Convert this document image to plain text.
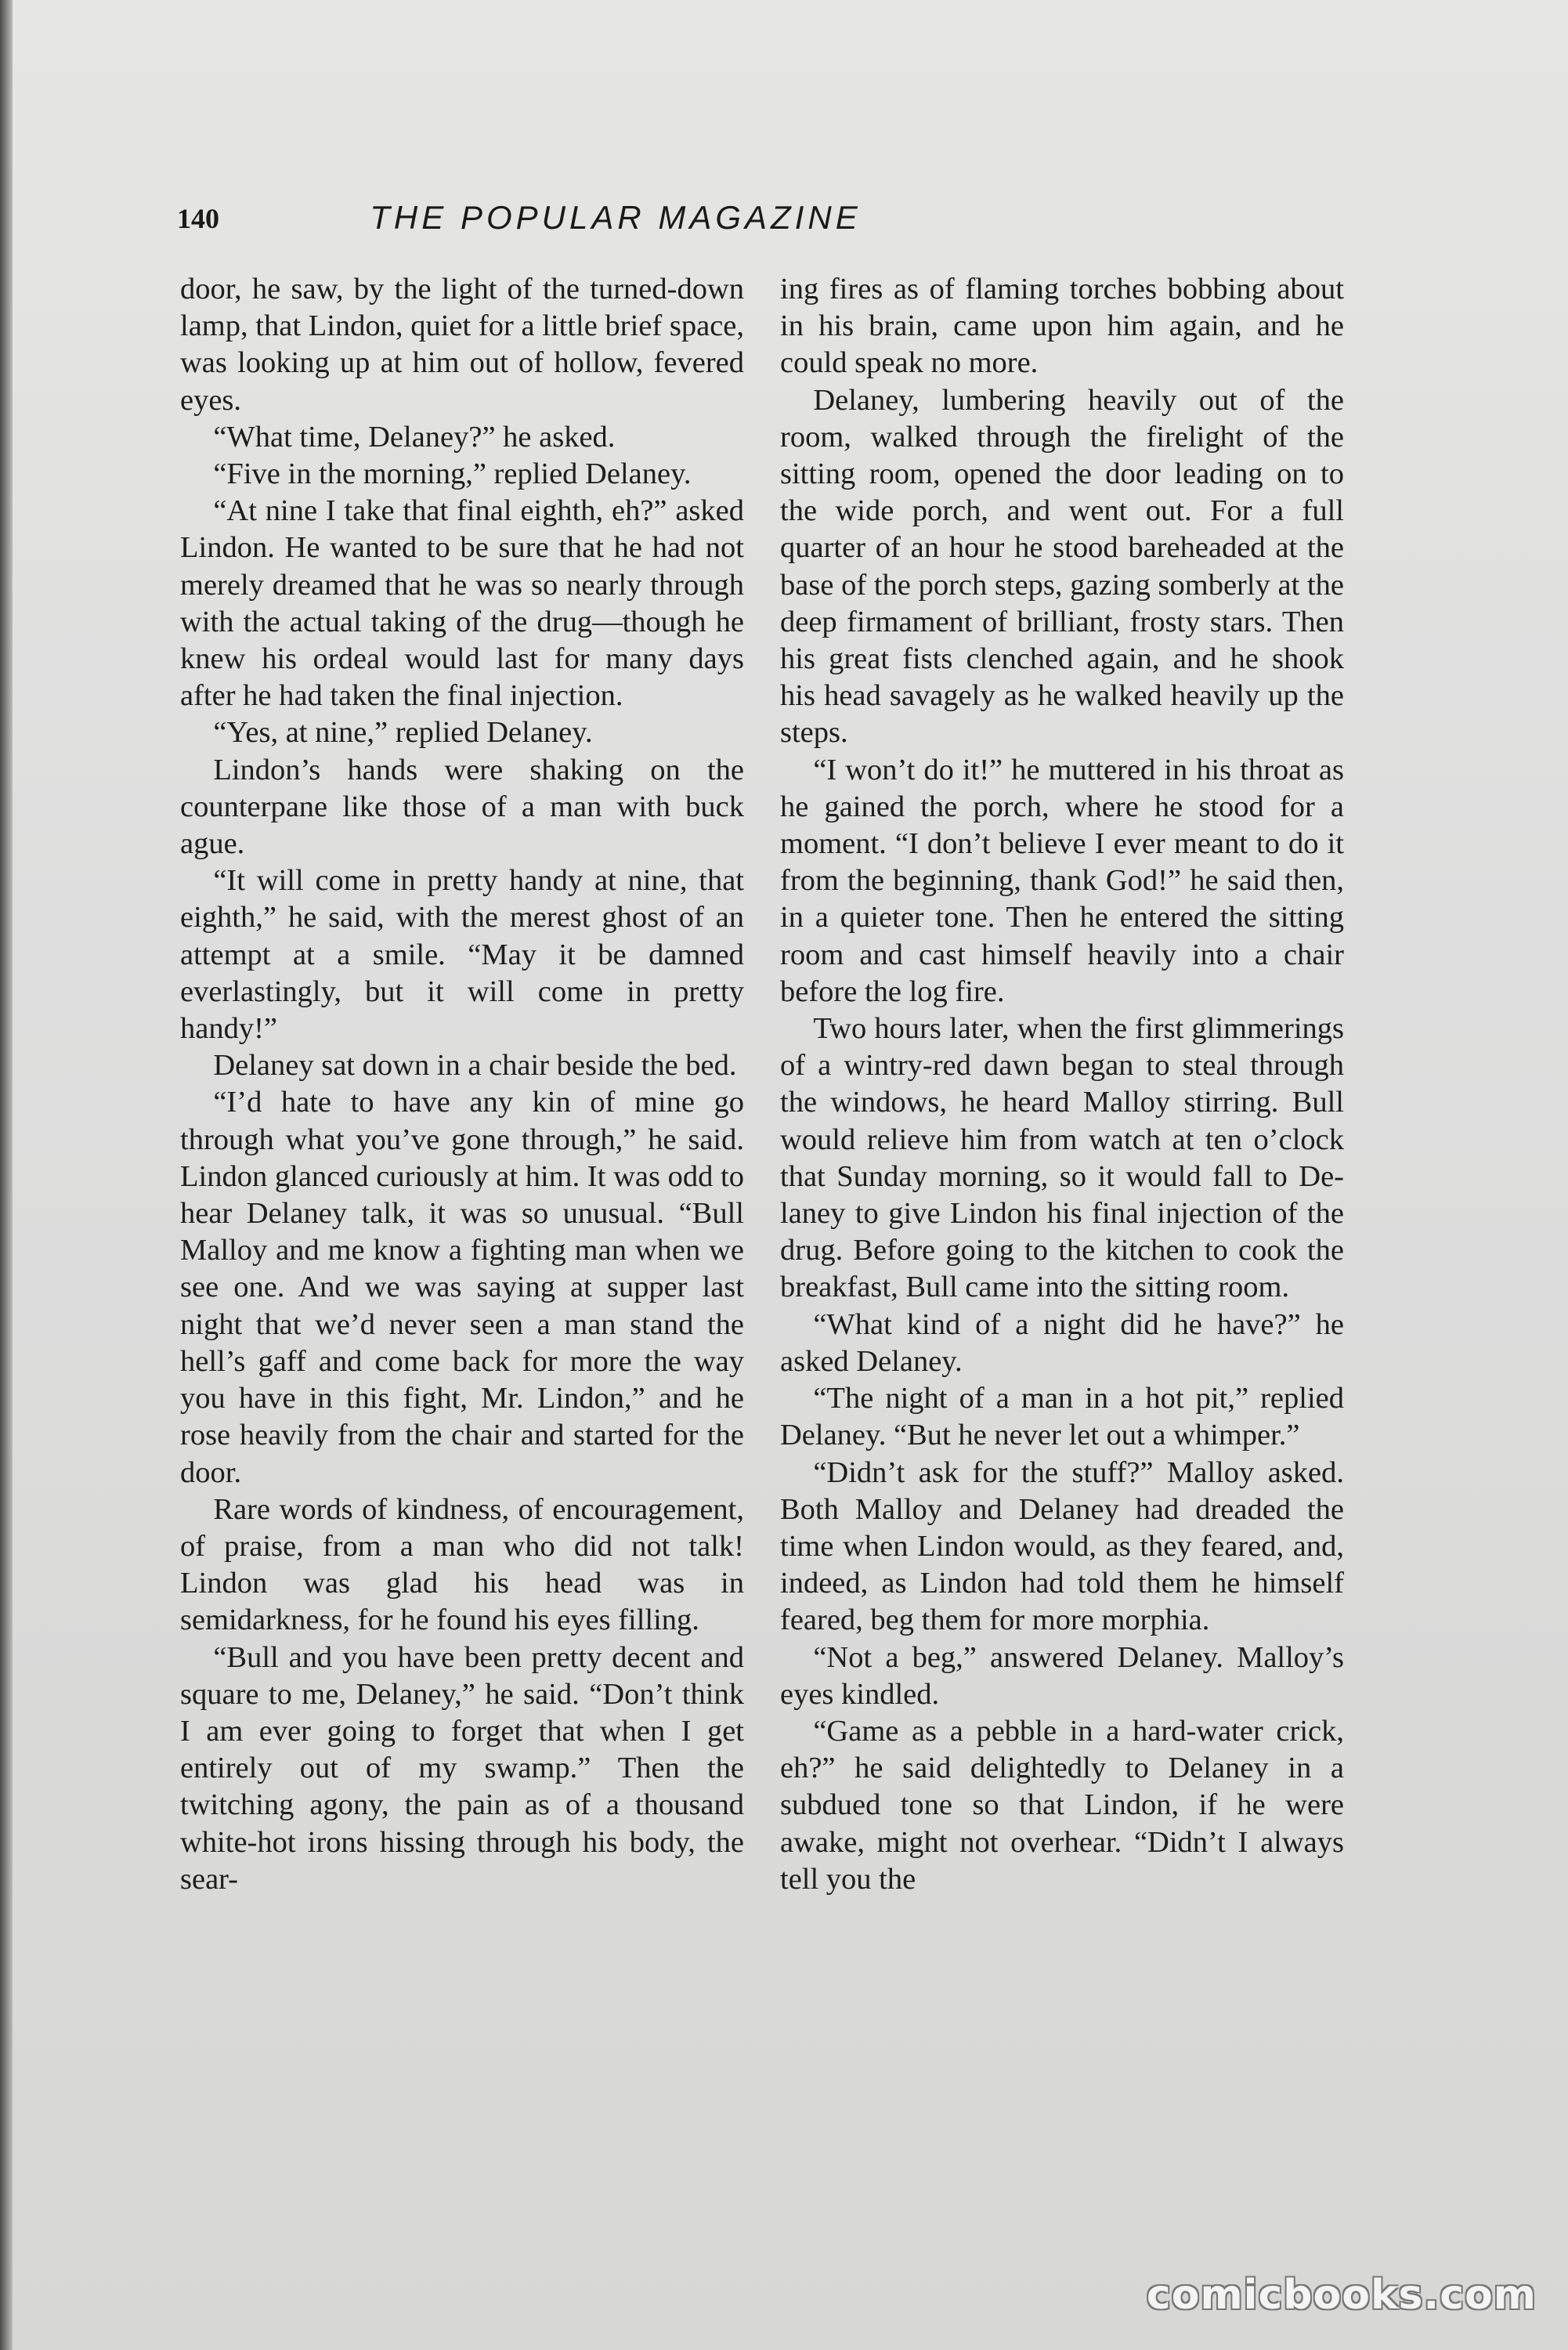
140	THE POPULAR MAGAZINE

door, he saw, by the light of the turned-down lamp, that Lindon, quiet for a little brief space, was looking up at him out of hollow, fevered eyes.

“What time, Delaney?” he asked.

“Five in the morning,” replied Delaney.

“At nine I take that final eighth, eh?” asked Lindon. He wanted to be sure that he had not merely dreamed that he was so nearly through with the actual taking of the drug—though he knew his ordeal would last for many days after he had taken the final injection.

“Yes, at nine,” replied Delaney.

Lindon’s hands were shaking on the counterpane like those of a man with buck ague.

“It will come in pretty handy at nine, that eighth,” he said, with the merest ghost of an attempt at a smile. “May it be damned everlastingly, but it will come in pretty handy!”

Delaney sat down in a chair beside the bed.

“I’d hate to have any kin of mine go through what you’ve gone through,” he said. Lindon glanced curiously at him. It was odd to hear Delaney talk, it was so unusual. “Bull Malloy and me know a fighting man when we see one. And we was saying at supper last night that we’d never seen a man stand the hell’s gaff and come back for more the way you have in this fight, Mr. Lindon,” and he rose heavily from the chair and started for the door.

Rare words of kindness, of encouragement, of praise, from a man who did not talk! Lindon was glad his head was in semidarkness, for he found his eyes filling.

“Bull and you have been pretty decent and square to me, Delaney,” he said. “Don’t think I am ever going to forget that when I get entirely out of my swamp.” Then the twitching agony, the pain as of a thousand white-hot irons hissing through his body, the sear-

ing fires as of flaming torches bobbing about in his brain, came upon him again, and he could speak no more.

Delaney, lumbering heavily out of the room, walked through the firelight of the sitting room, opened the door leading on to the wide porch, and went out. For a full quarter of an hour he stood bareheaded at the base of the porch steps, gazing somberly at the deep firmament of brilliant, frosty stars. Then his great fists clenched again, and he shook his head savagely as he walked heavily up the steps.

“I won’t do it!” he muttered in his throat as he gained the porch, where he stood for a moment. “I don’t believe I ever meant to do it from the beginning, thank God!” he said then, in a quieter tone. Then he entered the sitting room and cast himself heavily into a chair before the log fire.

Two hours later, when the first glimmerings of a wintry-red dawn began to steal through the windows, he heard Malloy stirring. Bull would relieve him from watch at ten o’clock that Sunday morning, so it would fall to Delaney to give Lindon his final injection of the drug. Before going to the kitchen to cook the breakfast, Bull came into the sitting room.

“What kind of a night did he have?” he asked Delaney.

“The night of a man in a hot pit,” replied Delaney. “But he never let out a whimper.”

“Didn’t ask for the stuff?” Malloy asked. Both Malloy and Delaney had dreaded the time when Lindon would, as they feared, and, indeed, as Lindon had told them he himself feared, beg them for more morphia.

“Not a beg,” answered Delaney. Malloy’s eyes kindled.

“Game as a pebble in a hard-water crick, eh?” he said delightedly to Delaney in a subdued tone so that Lindon, if he were awake, might not overhear. “Didn’t I always tell you the

comicbooks.com
